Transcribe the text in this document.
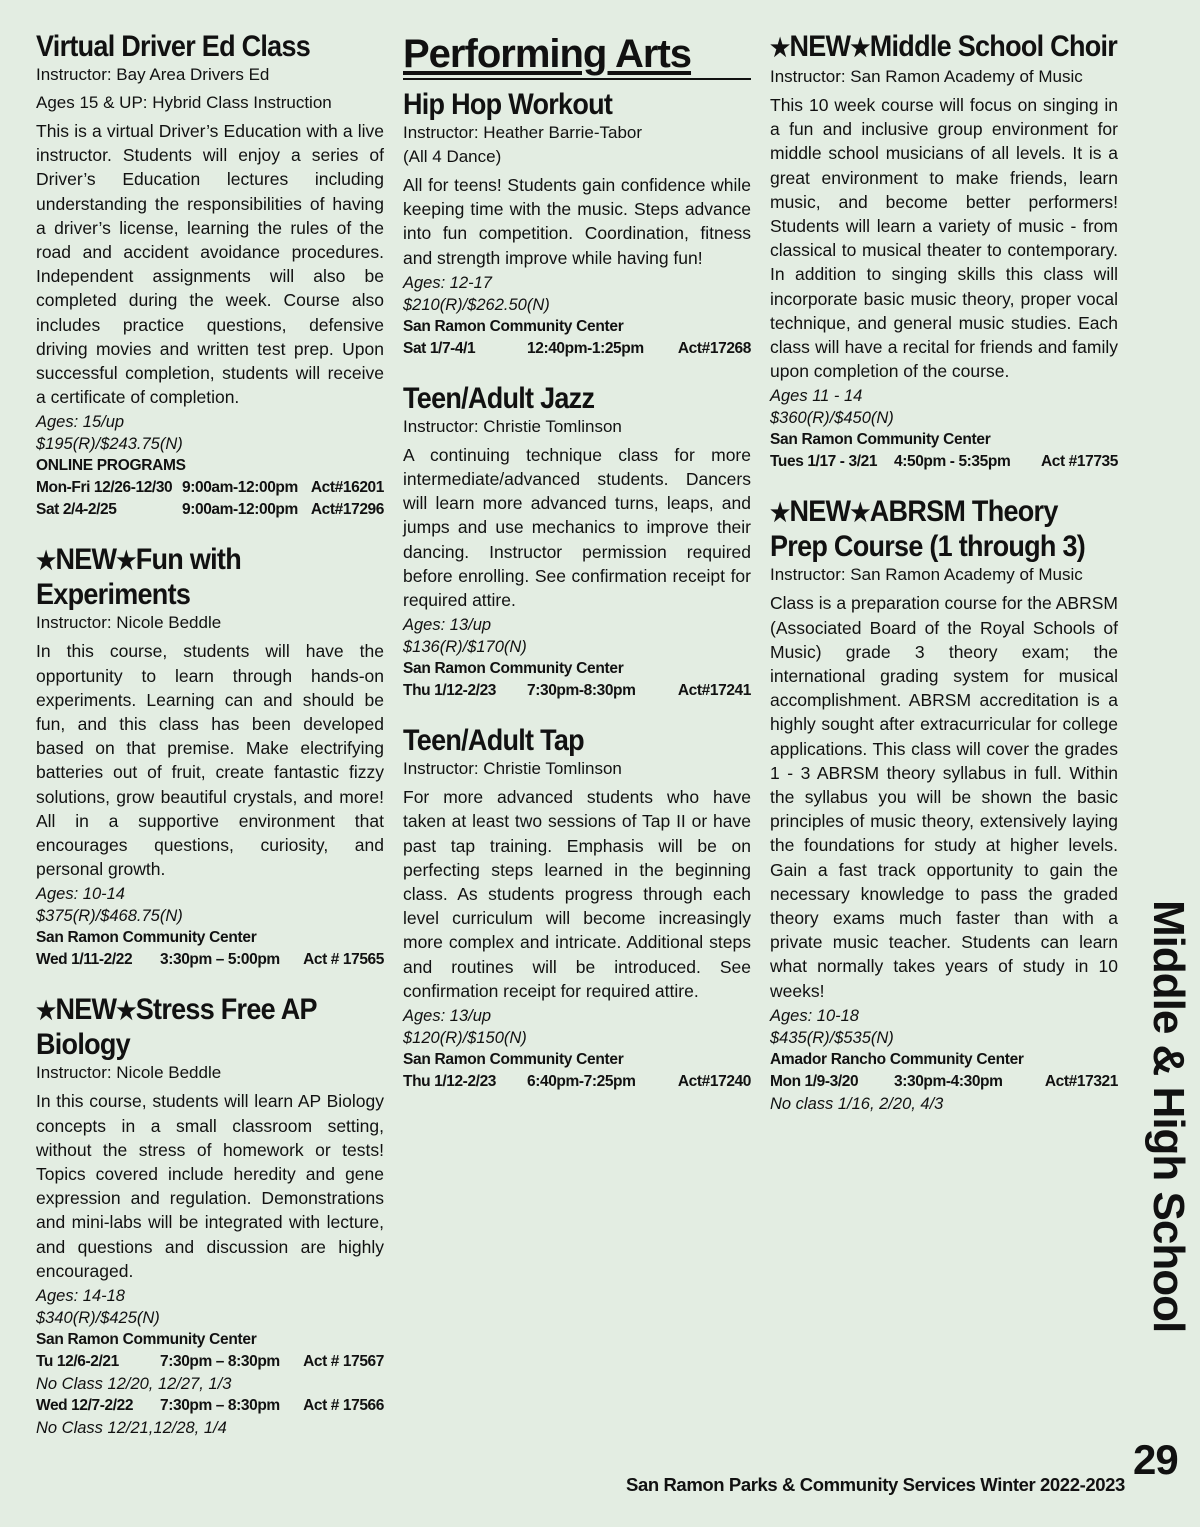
Virtual Driver Ed Class

Instructor: Bay Area Drivers Ed

Ages 15 & UP: Hybrid Class Instruction

This is a virtual Driver’s Education with a live instructor. Students will enjoy a series of Driver’s Education lectures including understanding the responsibilities of having a driver’s license, learning the rules of the road and accident avoidance procedures. Independent assignments will also be completed during the week. Course also includes practice questions, defensive driving movies and written test prep. Upon successful completion, students will receive a certificate of completion.

Ages: 15/up

$195(R)/$243.75(N)

ONLINE PROGRAMS

Mon-Fri 12/26-12/30 9:00am-12:00pm Act#16201
Sat 2/4-2/25	9:00am-12:00pm Act#17296
★NEW★Fun with Experiments

Instructor: Nicole Beddle

In this course, students will have the opportunity to learn through hands-on experiments. Learning can and should be fun, and this class has been developed based on that premise. Make electrifying batteries out of fruit, create fantastic fizzy solutions, grow beautiful crystals, and more! All in a supportive environment that encourages questions, curiosity, and personal growth.

Ages: 10-14

$375(R)/$468.75(N)

San Ramon Community Center

Wed 1/11-2/22	3:30pm – 5:00pm	Act # 17565
★NEW★Stress Free AP Biology

Instructor: Nicole Beddle

In this course, students will learn AP Biology concepts in a small classroom setting, without the stress of homework or tests! Topics covered include heredity and gene expression and regulation. Demonstrations and mini-labs will be integrated with lecture, and questions and discussion are highly encouraged.

Ages: 14-18

$340(R)/$425(N)

San Ramon Community Center

Tu 12/6-2/21	7:30pm – 8:30pm	Act # 17567

No Class 12/20, 12/27, 1/3

Wed 12/7-2/22	7:30pm – 8:30pm	Act # 17566

No Class 12/21,12/28, 1/4

Performing Arts
Hip Hop Workout

Instructor: Heather Barrie-Tabor

(All 4 Dance)

All for teens! Students gain confidence while keeping time with the music. Steps advance into fun competition. Coordination, fitness and strength improve while having fun!

Ages: 12-17

$210(R)/$262.50(N)

San Ramon Community Center

Sat 1/7-4/1	12:40pm-1:25pm	Act#17268
Teen/Adult Jazz

Instructor: Christie Tomlinson

A continuing technique class for more intermediate/advanced students. Dancers will learn more advanced turns, leaps, and jumps and use mechanics to improve their dancing. Instructor permission required before enrolling. See confirmation receipt for required attire.

Ages: 13/up

$136(R)/$170(N)

San Ramon Community Center

Thu 1/12-2/23	7:30pm-8:30pm	Act#17241
Teen/Adult Tap

Instructor: Christie Tomlinson

For more advanced students who have taken at least two sessions of Tap II or have past tap training. Emphasis will be on perfecting steps learned in the beginning class. As students progress through each level curriculum will become increasingly more complex and intricate. Additional steps and routines will be introduced. See confirmation receipt for required attire.

Ages: 13/up

$120(R)/$150(N)

San Ramon Community Center

Thu 1/12-2/23	6:40pm-7:25pm	Act#17240
★NEW★Middle School Choir

Instructor: San Ramon Academy of Music

This 10 week course will focus on singing in a fun and inclusive group environment for middle school musicians of all levels. It is a great environment to make friends, learn music, and become better performers! Students will learn a variety of music - from classical to musical theater to contemporary. In addition to singing skills this class will incorporate basic music theory, proper vocal technique, and general music studies. Each class will have a recital for friends and family upon completion of the course.

Ages 11 - 14

$360(R)/$450(N)

San Ramon Community Center

Tues 1/17 - 3/21	4:50pm - 5:35pm	Act #17735
★NEW★ABRSM Theory Prep Course (1 through 3)

Instructor: San Ramon Academy of Music

Class is a preparation course for the ABRSM (Associated Board of the Royal Schools of Music) grade 3 theory exam; the international grading system for musical accomplishment. ABRSM accreditation is a highly sought after extracurricular for college applications. This class will cover the grades 1 - 3 ABRSM theory syllabus in full. Within the syllabus you will be shown the basic principles of music theory, extensively laying the foundations for study at higher levels. Gain a fast track opportunity to gain the necessary knowledge to pass the graded theory exams much faster than with a private music teacher. Students can learn what normally takes years of study in 10 weeks!

Ages: 10-18

$435(R)/$535(N)

Amador Rancho Community Center

Mon 1/9-3/20	3:30pm-4:30pm	Act#17321

No class 1/16, 2/20, 4/3	Middle & High School
29
San Ramon Parks & Community Services Winter 2022-2023
